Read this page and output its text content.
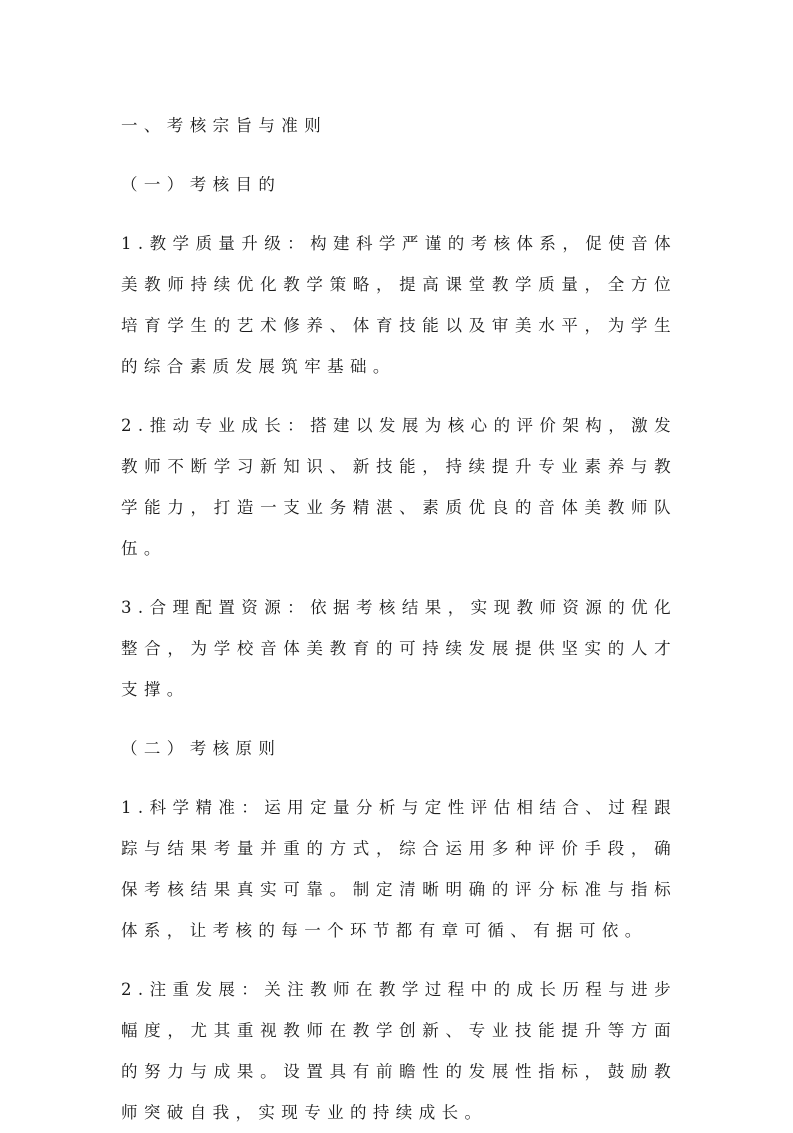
一、考核宗旨与准则

（一）考核目的

1.教学质量升级：构建科学严谨的考核体系，促使音体美教师持续优化教学策略，提高课堂教学质量，全方位培育学生的艺术修养、体育技能以及审美水平，为学生的综合素质发展筑牢基础。

2.推动专业成长：搭建以发展为核心的评价架构，激发教师不断学习新知识、新技能，持续提升专业素养与教学能力，打造一支业务精湛、素质优良的音体美教师队伍。

3.合理配置资源：依据考核结果，实现教师资源的优化整合，为学校音体美教育的可持续发展提供坚实的人才支撑。

（二）考核原则

1.科学精准：运用定量分析与定性评估相结合、过程跟踪与结果考量并重的方式，综合运用多种评价手段，确保考核结果真实可靠。制定清晰明确的评分标准与指标体系，让考核的每一个环节都有章可循、有据可依。

2.注重发展：关注教师在教学过程中的成长历程与进步幅度，尤其重视教师在教学创新、专业技能提升等方面的努力与成果。设置具有前瞻性的发展性指标，鼓励教师突破自我，实现专业的持续成长。
